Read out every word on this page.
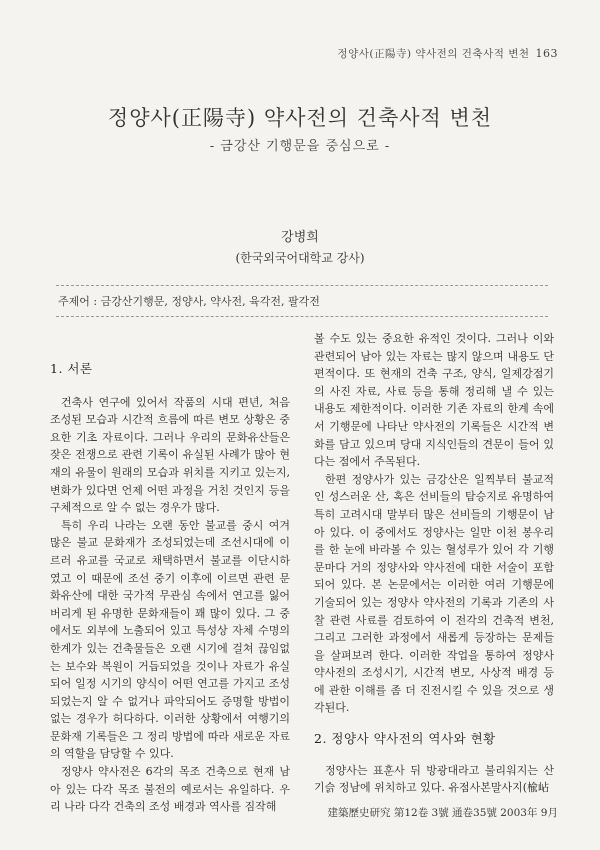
정양사(正陽寺) 약사전의 건축사적 변천 163
정양사(正陽寺) 약사전의 건축사적 변천
- 금강산 기행문을 중심으로 -
강병희
(한국외국어대학교 강사)
주제어 : 금강산기행문, 정양사, 약사전, 육각전, 팔각전
1. 서론

건축사 연구에 있어서 작품의 시대 편년, 처음 조성된 모습과 시간적 흐름에 따른 변모 상황은 중요한 기초 자료이다. 그러나 우리의 문화유산들은 잦은 전쟁으로 관련 기록이 유실된 사례가 많아 현재의 유물이 원래의 모습과 위치를 지키고 있는지, 변화가 있다면 언제 어떤 과정을 거친 것인지 등을 구체적으로 알 수 없는 경우가 많다.

특히 우리 나라는 오랜 동안 불교를 중시 여겨 많은 불교 문화재가 조성되었는데 조선시대에 이르러 유교를 국교로 채택하면서 불교를 이단시하였고 이 때문에 조선 중기 이후에 이르면 관련 문화유산에 대한 국가적 무관심 속에서 연고를 잃어버리게 된 유명한 문화재들이 꽤 많이 있다. 그 중에서도 외부에 노출되어 있고 특성상 자체 수명의 한계가 있는 건축물들은 오랜 시기에 걸쳐 끊임없는 보수와 복원이 거듭되었을 것이나 자료가 유실되어 일정 시기의 양식이 어떤 연고를 가지고 조성되었는지 알 수 없거나 파악되어도 증명할 방법이 없는 경우가 허다하다. 이러한 상황에서 여행기의 문화재 기록들은 그 정리 방법에 따라 새로운 자료의 역할을 담당할 수 있다.

정양사 약사전은 6각의 목조 건축으로 현재 남아 있는 다각 목조 불전의 예로서는 유일하다. 우리 나라 다각 건축의 조성 배경과 역사를 짐작해

볼 수도 있는 중요한 유적인 것이다. 그러나 이와 관련되어 남아 있는 자료는 많지 않으며 내용도 단편적이다. 또 현재의 건축 구조, 양식, 일제강점기의 사진 자료, 사료 등을 통해 정리해 낼 수 있는 내용도 제한적이다. 이러한 기존 자료의 한계 속에서 기행문에 나타난 약사전의 기록들은 시간적 변화를 담고 있으며 당대 지식인들의 견문이 들어 있다는 점에서 주목된다.

한편 정양사가 있는 금강산은 일찍부터 불교적인 성스러운 산, 혹은 선비들의 탐승지로 유명하여 특히 고려시대 말부터 많은 선비들의 기행문이 남아 있다. 이 중에서도 정양사는 일만 이천 봉우리를 한 눈에 바라볼 수 있는 혈성루가 있어 각 기행문마다 거의 정양사와 약사전에 대한 서술이 포함되어 있다. 본 논문에서는 이러한 여러 기행문에 기술되어 있는 정양사 약사전의 기록과 기존의 사찰 관련 사료를 검토하여 이 전각의 건축적 변천, 그리고 그러한 과정에서 새롭게 등장하는 문제들을 살펴보려 한다. 이러한 작업을 통하여 정양사 약사전의 조성시기, 시간적 변모, 사상적 배경 등에 관한 이해를 좀 더 진전시킬 수 있을 것으로 생각된다.

2. 정양사 약사전의 역사와 현황

정양사는 표훈사 뒤 방광대라고 불리워지는 산기슭 정남에 위치하고 있다. 유점사본말사지(楡岾

建築歷史研究 第12卷 3號 通卷35號 2003年 9月
